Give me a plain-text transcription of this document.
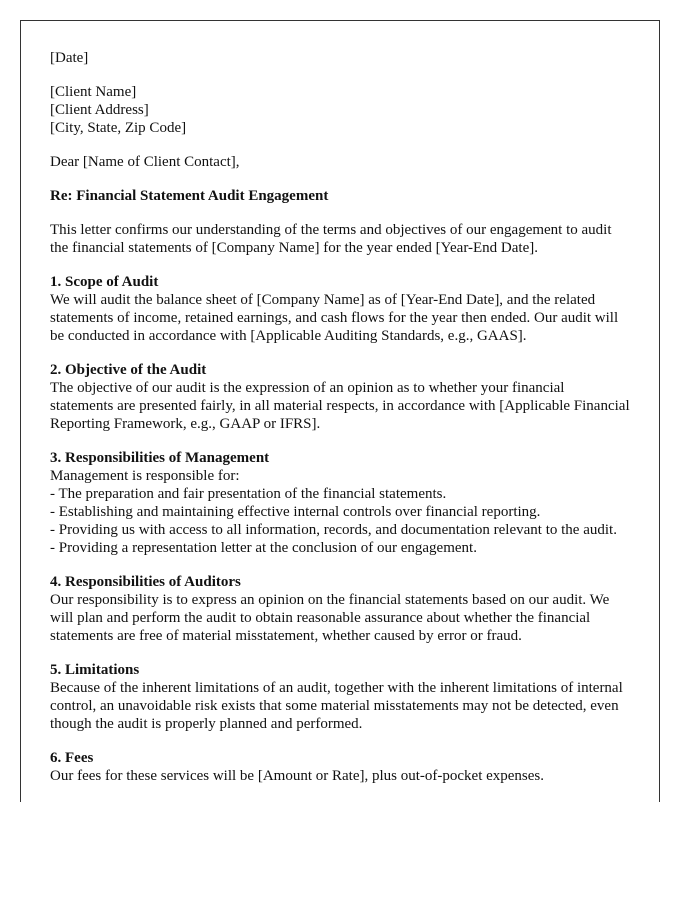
[Date]

[Client Name]
[Client Address]
[City, State, Zip Code]

Dear [Name of Client Contact],

Re: Financial Statement Audit Engagement

This letter confirms our understanding of the terms and objectives of our engagement to audit the financial statements of [Company Name] for the year ended [Year-End Date].

1. Scope of Audit
We will audit the balance sheet of [Company Name] as of [Year-End Date], and the related statements of income, retained earnings, and cash flows for the year then ended. Our audit will be conducted in accordance with [Applicable Auditing Standards, e.g., GAAS].

2. Objective of the Audit
The objective of our audit is the expression of an opinion as to whether your financial statements are presented fairly, in all material respects, in accordance with [Applicable Financial Reporting Framework, e.g., GAAP or IFRS].

3. Responsibilities of Management
Management is responsible for:
- The preparation and fair presentation of the financial statements.
- Establishing and maintaining effective internal controls over financial reporting.
- Providing us with access to all information, records, and documentation relevant to the audit.
- Providing a representation letter at the conclusion of our engagement.

4. Responsibilities of Auditors
Our responsibility is to express an opinion on the financial statements based on our audit. We will plan and perform the audit to obtain reasonable assurance about whether the financial statements are free of material misstatement, whether caused by error or fraud.

5. Limitations
Because of the inherent limitations of an audit, together with the inherent limitations of internal control, an unavoidable risk exists that some material misstatements may not be detected, even though the audit is properly planned and performed.

6. Fees
Our fees for these services will be [Amount or Rate], plus out-of-pocket expenses.
